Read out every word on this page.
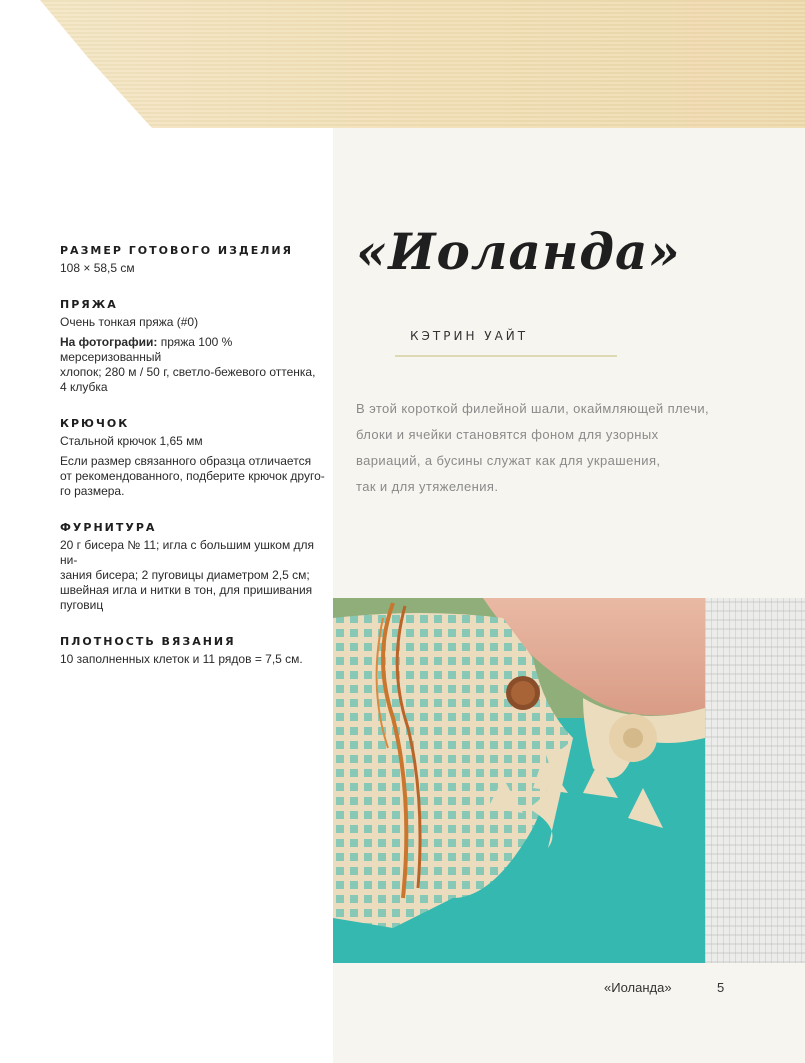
РАЗМЕР ГОТОВОГО ИЗДЕЛИЯ
108 × 58,5 см
ПРЯЖА
Очень тонкая пряжа (#0)
На фотографии: пряжа 100 % мерсеризованный
хлопок; 280 м / 50 г, светло-бежевого оттенка,
4 клубка
КРЮЧОК
Стальной крючок 1,65 мм
Если размер связанного образца отличается
от рекомендованного, подберите крючок друго-
го размера.
ФУРНИТУРА
20 г бисера № 11; игла с большим ушком для ни-
зания бисера; 2 пуговицы диаметром 2,5 см;
швейная игла и нитки в тон, для пришивания
пуговиц
ПЛОТНОСТЬ ВЯЗАНИЯ
10 заполненных клеток и 11 рядов = 7,5 см.
«Иоланда»
КЭТРИН УАЙТ
В этой короткой филейной шали, окаймляющей плечи,
блоки и ячейки становятся фоном для узорных
вариаций, а бусины служат как для украшения,
так и для утяжеления.
«Иоланда»	5
